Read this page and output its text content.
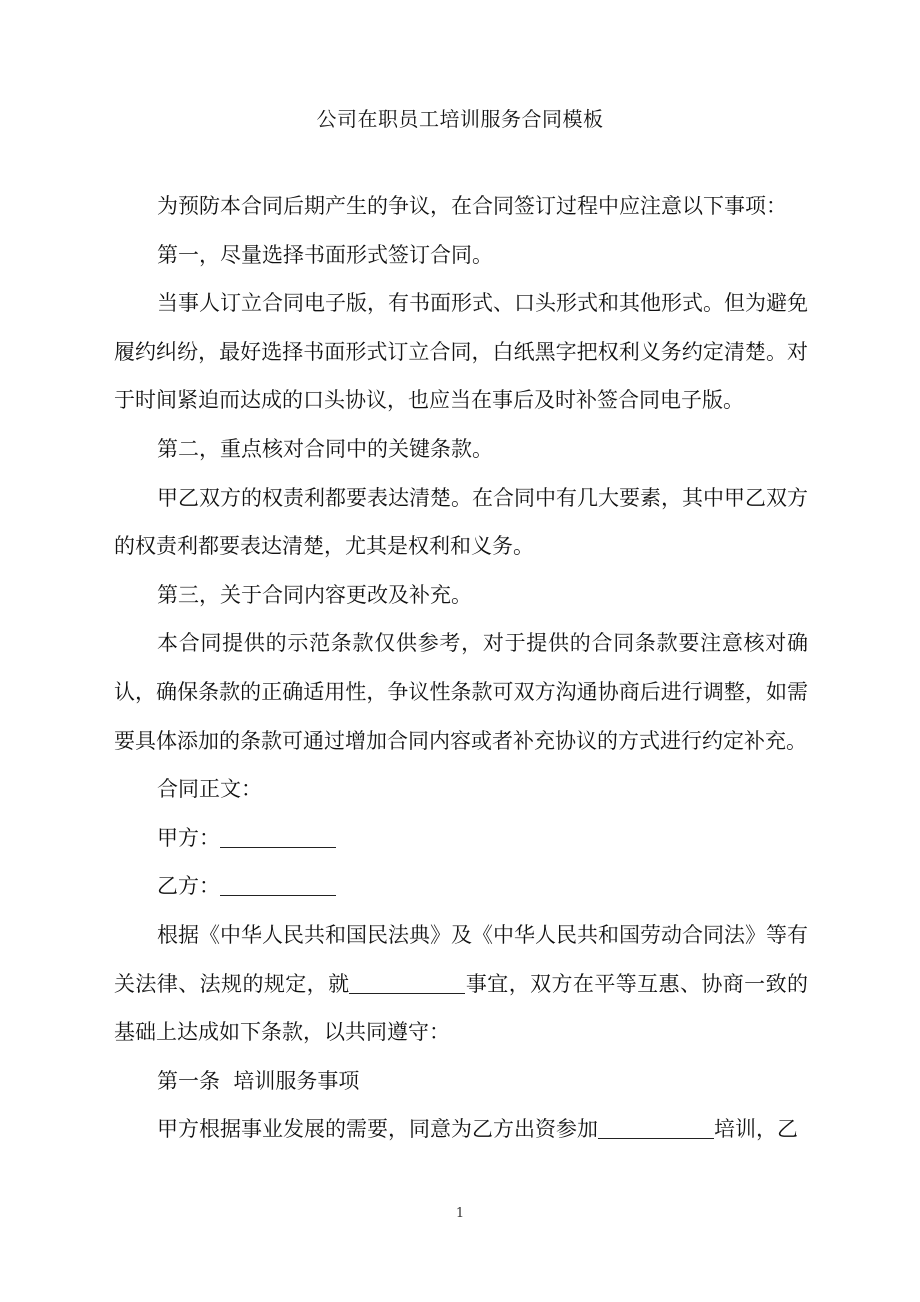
公司在职员工培训服务合同模板

为预防本合同后期产生的争议，在合同签订过程中应注意以下事项：

第一，尽量选择书面形式签订合同。

当事人订立合同电子版，有书面形式、口头形式和其他形式。但为避免履约纠纷，最好选择书面形式订立合同，白纸黑字把权利义务约定清楚。对于时间紧迫而达成的口头协议，也应当在事后及时补签合同电子版。

第二，重点核对合同中的关键条款。

甲乙双方的权责利都要表达清楚。在合同中有几大要素，其中甲乙双方的权责利都要表达清楚，尤其是权利和义务。

第三，关于合同内容更改及补充。

本合同提供的示范条款仅供参考，对于提供的合同条款要注意核对确认，确保条款的正确适用性，争议性条款可双方沟通协商后进行调整，如需要具体添加的条款可通过增加合同内容或者补充协议的方式进行约定补充。

合同正文：

甲方：

乙方：

根据《中华人民共和国民法典》及《中华人民共和国劳动合同法》等有关法律、法规的规定，就	事宜，双方在平等互惠、协商一致的基础上达成如下条款，以共同遵守：

第一条  培训服务事项

甲方根据事业发展的需要，同意为乙方出资参加	培训，乙

1
